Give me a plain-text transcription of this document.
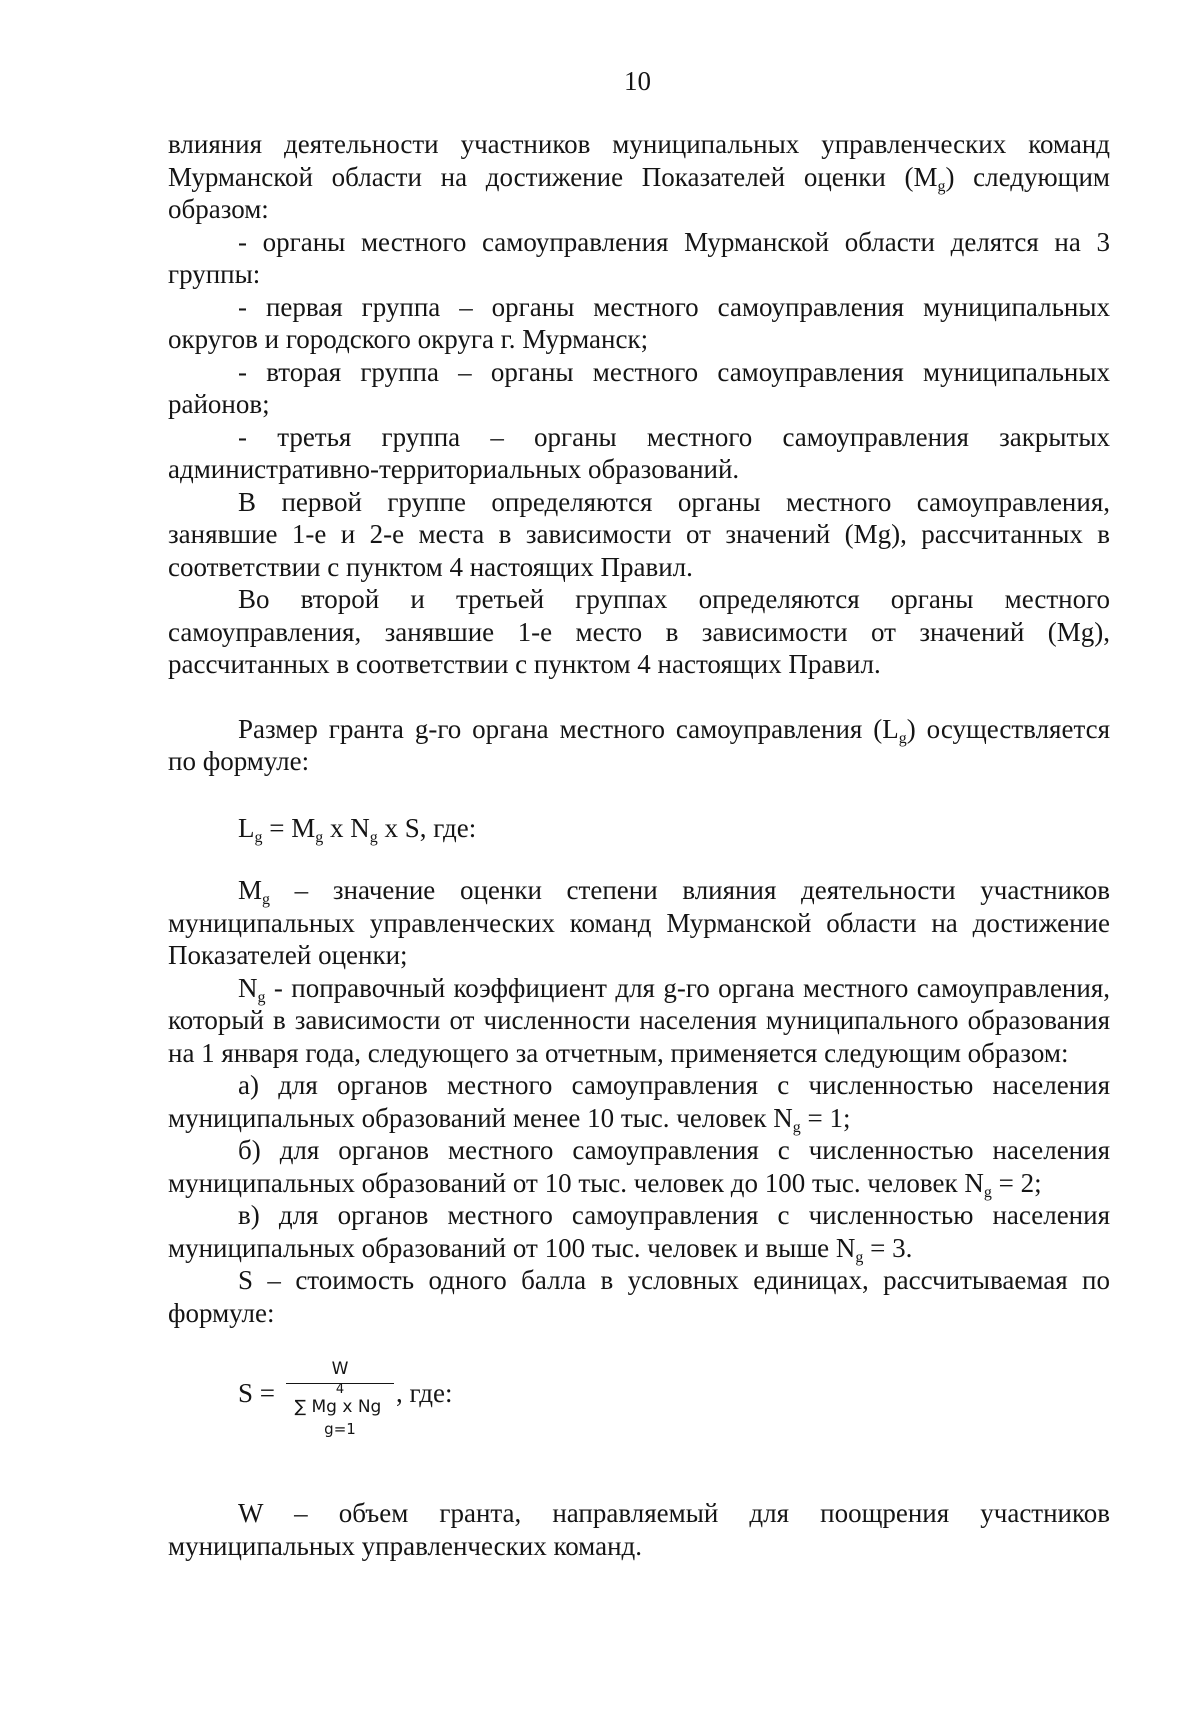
10

влияния деятельности участников муниципальных управленческих команд Мурманской области на достижение Показателей оценки $(M_g)$ следующим образом:

- органы местного самоуправления Мурманской области делятся на 3 группы:

- первая группа – органы местного самоуправления муниципальных округов и городского округа г. Мурманск;

- вторая группа – органы местного самоуправления муниципальных районов;

- третья группа – органы местного самоуправления закрытых административно-территориальных образований.

В первой группе определяются органы местного самоуправления, занявшие 1-е и 2-е места в зависимости от значений (Mg), рассчитанных в соответствии с пунктом 4 настоящих Правил.

Во второй и третьей группах определяются органы местного самоуправления, занявшие 1-е место в зависимости от значений (Mg), рассчитанных в соответствии с пунктом 4 настоящих Правил.

Размер гранта g-го органа местного самоуправления $(L_g)$ осуществляется по формуле:

$L_g = M_g$ x $N_g$ x S, где:

$M_g$ – значение оценки степени влияния деятельности участников муниципальных управленческих команд Мурманской области на достижение Показателей оценки;

$N_g$ - поправочный коэффициент для g-го органа местного самоуправления, который в зависимости от численности населения муниципального образования на 1 января года, следующего за отчетным, применяется следующим образом:

а) для органов местного самоуправления с численностью населения муниципальных образований менее 10 тыс. человек $N_g = 1$;

б) для органов местного самоуправления с численностью населения муниципальных образований от 10 тыс. человек до 100 тыс. человек $N_g = 2$;

в) для органов местного самоуправления с численностью населения муниципальных образований от 100 тыс. человек и выше $N_g = 3$.

S – стоимость одного балла в условных единицах, рассчитываемая по формуле:

S =
W
4
∑ Mg x Ng
g=1
, где:

W – объем гранта, направляемый для поощрения участников муниципальных управленческих команд.
